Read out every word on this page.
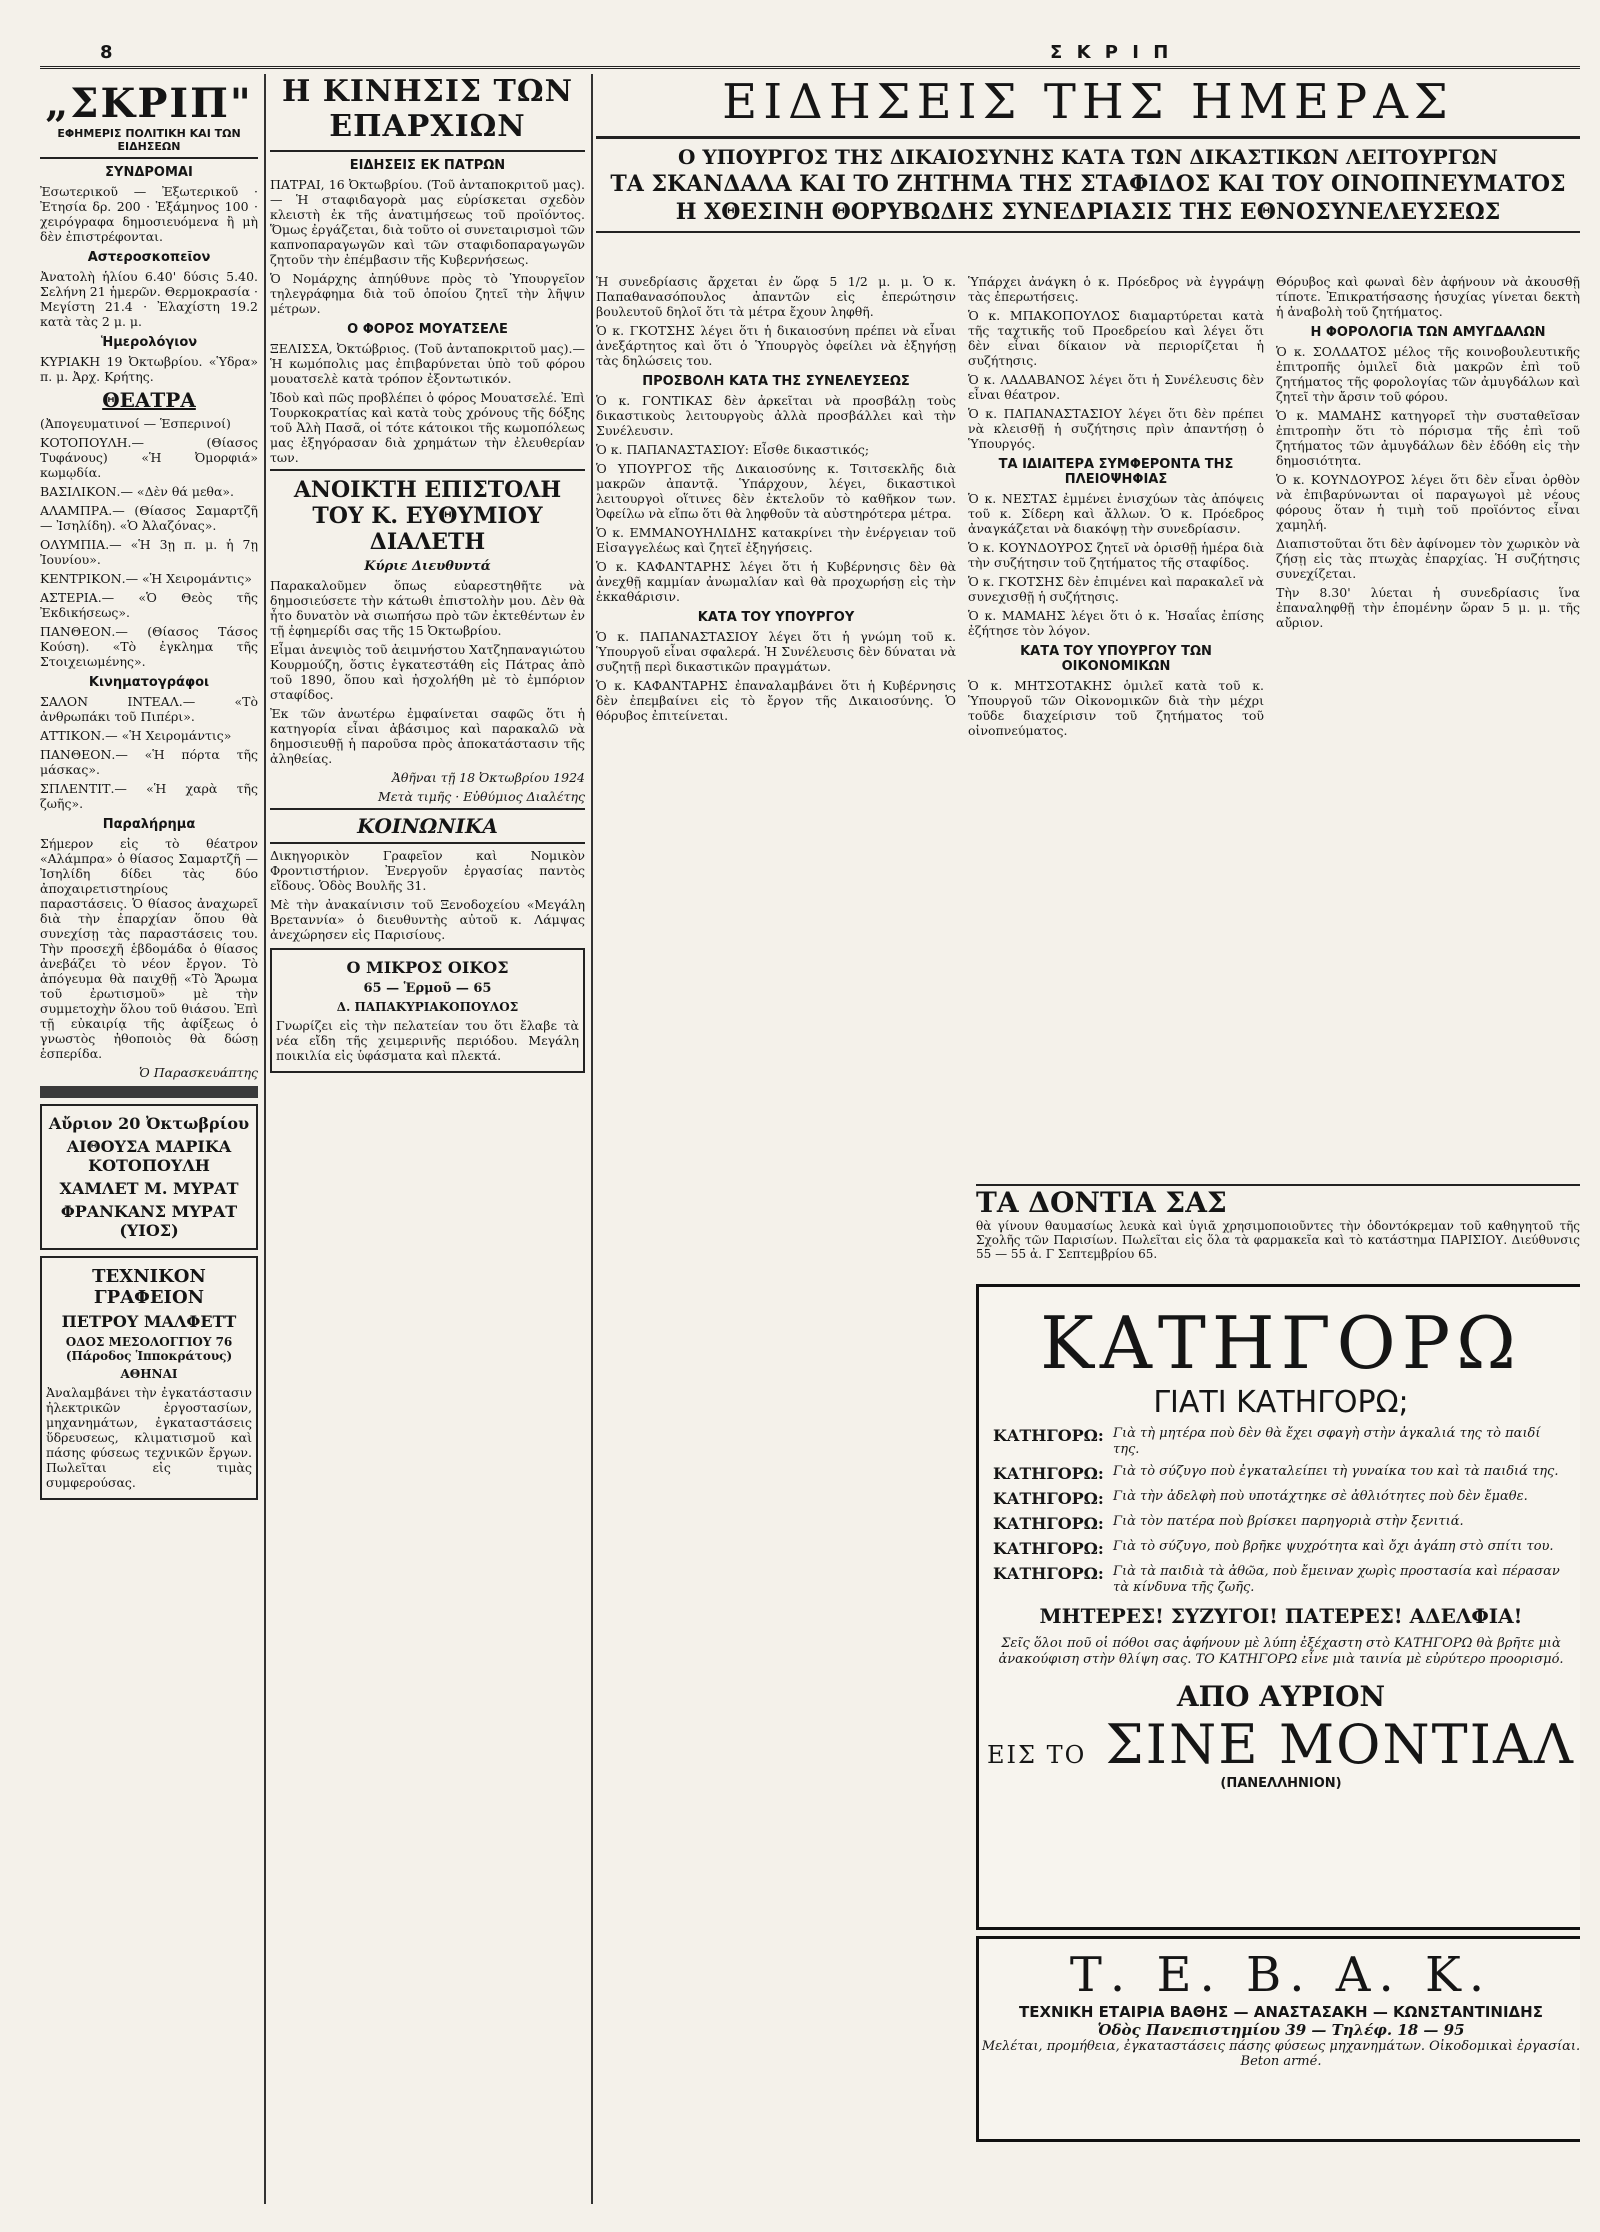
8	Σ Κ Ρ Ι Π
„ΣΚΡΙΠ"
ΕΦΗΜΕΡΙΣ ΠΟΛΙΤΙΚΗ ΚΑΙ ΤΩΝ ΕΙΔΗΣΕΩΝ
ΣΥΝΔΡΟΜΑΙ

Ἐσωτερικοῦ — Ἐξωτερικοῦ · Ἐτησία δρ. 200 · Ἑξάμηνος 100 · χειρόγραφα δημοσιευόμενα ἢ μὴ δὲν ἐπιστρέφονται.

Αστεροσκοπεῖον

Ἀνατολὴ ἡλίου 6.40' δύσις 5.40. Σελήνη 21 ἡμερῶν. Θερμοκρασία · Μεγίστη 21.4 · Ἐλαχίστη 19.2 κατὰ τὰς 2 μ. μ.

Ἡμερολόγιον

ΚΥΡΙΑΚΗ 19 Ὀκτωβρίου. «Ὑδρα» π. μ. Ἀρχ. Κρήτης.

ΘΕΑΤΡΑ

(Ἀπογευματινοί — Ἑσπερινοί)

ΚΟΤΟΠΟΥΛΗ.— (Θίασος Τυφάνους) «Ἡ Ὀμορφιά» κωμῳδία.

ΒΑΣΙΛΙΚΟΝ.— «Δὲν θά μεθα».

ΑΛΑΜΠΡΑ.— (Θίασος Σαμαρτζῆ — Ἰσηλίδη). «Ὁ Ἀλαζόνας».

ΟΛΥΜΠΙΑ.— «Ἡ 3ῃ π. μ. ἡ 7ῃ Ἰουνίου».

ΚΕΝΤΡΙΚΟΝ.— «Ἡ Χειρομάντις»

ΑΣΤΕΡΙΑ.— «Ὁ Θεὸς τῆς Ἐκδικήσεως».

ΠΑΝΘΕΟΝ.— (Θίασος Τάσος Κούση). «Τὸ ἐγκλημα τῆς Στοιχειωμένης».

Κινηματογράφοι

ΣΑΛΟΝ ΙΝΤΕΑΛ.— «Τὸ ἀνθρωπάκι τοῦ Πιπέρι».

ΑΤΤΙΚΟΝ.— «Ἡ Χειρομάντις»

ΠΑΝΘΕΟΝ.— «Ἡ πόρτα τῆς μάσκας».

ΣΠΛΕΝΤΙΤ.— «Ἡ χαρὰ τῆς ζωῆς».

Παραλήρημα

Σήμερον εἰς τὸ θέατρον «Αλάμπρα» ὁ θίασος Σαμαρτζῆ — Ἰσηλίδη δίδει τὰς δύο ἀποχαιρετιστηρίους παραστάσεις. Ὁ θίασος ἀναχωρεῖ διὰ τὴν ἐπαρχίαν ὅπου θὰ συνεχίσῃ τὰς παραστάσεις του. Τὴν προσεχῆ ἑβδομάδα ὁ θίασος ἀνεβάζει τὸ νέον ἔργον. Τὸ ἀπόγευμα θὰ παιχθῇ «Τὸ Ἄρωμα τοῦ ἐρωτισμοῦ» μὲ τὴν συμμετοχὴν ὅλου τοῦ θιάσου. Ἐπὶ τῇ εὐκαιρίᾳ τῆς ἀφίξεως ὁ γνωστὸς ἠθοποιὸς θὰ δώσῃ ἑσπερίδα.

Ὁ Παρασκευάπτης

Αὔριον 20 Ὀκτωβρίου
ΑΙΘΟΥΣΑ ΜΑΡΙΚΑ ΚΟΤΟΠΟΥΛΗ
ΧΑΜΛΕΤ Μ. ΜΥΡΑΤ
ΦΡΑΝΚΑΝΣ ΜΥΡΑΤ (ΥΙΟΣ)
ΤΕΧΝΙΚΟΝ ΓΡΑΦΕΙΟΝ
ΠΕΤΡΟΥ ΜΑΛΦΕΤΤ
ΟΔΟΣ ΜΕΣΟΛΟΓΓΙΟΥ 76 (Πάροδος Ἱπποκράτους)
ΑΘΗΝΑΙ

Ἀναλαμβάνει τὴν ἐγκατάστασιν ἠλεκτρικῶν ἐργοστασίων, μηχανημάτων, ἐγκαταστάσεις ὕδρευσεως, κλιματισμοῦ καὶ πάσης φύσεως τεχνικῶν ἔργων. Πωλεῖται εἰς τιμὰς συμφερούσας.

Η ΚΙΝΗΣΙΣ ΤΩΝ ΕΠΑΡΧΙΩΝ
ΕΙΔΗΣΕΙΣ ΕΚ ΠΑΤΡΩΝ

ΠΑΤΡΑΙ, 16 Ὀκτωβρίου. (Τοῦ ἀνταποκριτοῦ μας).— Ἡ σταφιδαγορὰ μας εὑρίσκεται σχεδὸν κλειστὴ ἐκ τῆς ἀνατιμήσεως τοῦ προϊόντος. Ὅμως ἐργάζεται, διὰ τοῦτο οἱ συνεταιρισμοὶ τῶν καπνοπαραγωγῶν καὶ τῶν σταφιδοπαραγωγῶν ζητοῦν τὴν ἐπέμβασιν τῆς Κυβερνήσεως.

Ὁ Νομάρχης ἀπηύθυνε πρὸς τὸ Ὑπουργεῖον τηλεγράφημα διὰ τοῦ ὁποίου ζητεῖ τὴν λῆψιν μέτρων.

Ο ΦΟΡΟΣ ΜΟΥΑΤΣΕΛΕ

ΞΕΛΙΣΣΑ, Ὀκτώβριος. (Τοῦ ἀνταποκριτοῦ μας).— Ἡ κωμόπολις μας ἐπιβαρύνεται ὑπὸ τοῦ φόρου μουατσελὲ κατὰ τρόπον ἐξοντωτικόν.

Ἰδοὺ καὶ πῶς προβλέπει ὁ φόρος Μουατσελέ. Ἐπὶ Τουρκοκρατίας καὶ κατὰ τοὺς χρόνους τῆς δόξης τοῦ Ἀλὴ Πασᾶ, οἱ τότε κάτοικοι τῆς κωμοπόλεως μας ἐξηγόρασαν διὰ χρημάτων τὴν ἐλευθερίαν των.

ΑΝΟΙΚΤΗ ΕΠΙΣΤΟΛΗ ΤΟΥ Κ. ΕΥΘΥΜΙΟΥ ΔΙΑΛΕΤΗ
Κύριε Διευθυντά

Παρακαλοῦμεν ὅπως εὐαρεστηθῆτε νὰ δημοσιεύσετε τὴν κάτωθι ἐπιστολὴν μου. Δὲν θὰ ἦτο δυνατὸν νὰ σιωπήσω πρὸ τῶν ἐκτεθέντων ἐν τῇ ἐφημερίδι σας τῆς 15 Ὀκτωβρίου.

Εἶμαι ἀνεψιὸς τοῦ ἀειμνήστου Χατζηπαναγιώτου Κουρμούζη, ὅστις ἐγκατεστάθη εἰς Πάτρας ἀπὸ τοῦ 1890, ὅπου καὶ ἠσχολήθη μὲ τὸ ἐμπόριον σταφίδος.

Ἐκ τῶν ἀνωτέρω ἐμφαίνεται σαφῶς ὅτι ἡ κατηγορία εἶναι ἀβάσιμος καὶ παρακαλῶ νὰ δημοσιευθῇ ἡ παροῦσα πρὸς ἀποκατάστασιν τῆς ἀληθείας.

Ἀθῆναι τῇ 18 Ὀκτωβρίου 1924

Μετὰ τιμῆς · Εὐθύμιος Διαλέτης

ΚΟΙΝΩΝΙΚΑ

Δικηγορικὸν Γραφεῖον καὶ Νομικὸν Φροντιστήριον. Ἐνεργοῦν ἐργασίας παντὸς εἴδους. Ὁδὸς Βουλῆς 31.

Μὲ τὴν ἀνακαίνισιν τοῦ Ξενοδοχείου «Μεγάλη Βρεταννία» ὁ διευθυντὴς αὐτοῦ κ. Λάμψας ἀνεχώρησεν εἰς Παρισίους.

Ο ΜΙΚΡΟΣ ΟΙΚΟΣ
65 — Ἑρμοῦ — 65
Δ. ΠΑΠΑΚΥΡΙΑΚΟΠΟΥΛΟΣ

Γνωρίζει εἰς τὴν πελατείαν του ὅτι ἔλαβε τὰ νέα εἴδη τῆς χειμερινῆς περιόδου. Μεγάλη ποικιλία εἰς ὑφάσματα καὶ πλεκτά.

ΕΙΔΗΣΕΙΣ ΤΗΣ ΗΜΕΡΑΣ
Ο ΥΠΟΥΡΓΟΣ ΤΗΣ ΔΙΚΑΙΟΣΥΝΗΣ ΚΑΤΑ ΤΩΝ ΔΙΚΑΣΤΙΚΩΝ ΛΕΙΤΟΥΡΓΩΝ
ΤΑ ΣΚΑΝΔΑΛΑ ΚΑΙ ΤΟ ΖΗΤΗΜΑ ΤΗΣ ΣΤΑΦΙΔΟΣ ΚΑΙ ΤΟΥ ΟΙΝΟΠΝΕΥΜΑΤΟΣ
Η ΧΘΕΣΙΝΗ ΘΟΡΥΒΩΔΗΣ ΣΥΝΕΔΡΙΑΣΙΣ ΤΗΣ ΕΘΝΟΣΥΝΕΛΕΥΣΕΩΣ

Ἡ συνεδρίασις ἄρχεται ἐν ὥρᾳ 5 1/2 μ. μ. Ὁ κ. Παπαθανασόπουλος ἀπαντῶν εἰς ἐπερώτησιν βουλευτοῦ δηλοῖ ὅτι τὰ μέτρα ἔχουν ληφθῆ.

Ὁ κ. ΓΚΟΤΣΗΣ λέγει ὅτι ἡ δικαιοσύνη πρέπει νὰ εἶναι ἀνεξάρτητος καὶ ὅτι ὁ Ὑπουργὸς ὀφείλει νὰ ἐξηγήσῃ τὰς δηλώσεις του.

ΠΡΟΣΒΟΛΗ ΚΑΤΑ ΤΗΣ ΣΥΝΕΛΕΥΣΕΩΣ

Ὁ κ. ΓΟΝΤΙΚΑΣ δὲν ἀρκεῖται νὰ προσβάλῃ τοὺς δικαστικοὺς λειτουργοὺς ἀλλὰ προσβάλλει καὶ τὴν Συνέλευσιν.

Ὁ κ. ΠΑΠΑΝΑΣΤΑΣΙΟΥ: Εἶσθε δικαστικός;

Ὁ ΥΠΟΥΡΓΟΣ τῆς Δικαιοσύνης κ. Τσιτσεκλῆς διὰ μακρῶν ἀπαντᾷ. Ὑπάρχουν, λέγει, δικαστικοὶ λειτουργοὶ οἵτινες δὲν ἐκτελοῦν τὸ καθῆκον των. Ὀφείλω νὰ εἴπω ὅτι θὰ ληφθοῦν τὰ αὐστηρότερα μέτρα.

Ὁ κ. ΕΜΜΑΝΟΥΗΛΙΔΗΣ κατακρίνει τὴν ἐνέργειαν τοῦ Εἰσαγγελέως καὶ ζητεῖ ἐξηγήσεις.

Ὁ κ. ΚΑΦΑΝΤΑΡΗΣ λέγει ὅτι ἡ Κυβέρνησις δὲν θὰ ἀνεχθῇ καμμίαν ἀνωμαλίαν καὶ θὰ προχωρήσῃ εἰς τὴν ἐκκαθάρισιν.

ΚΑΤΑ ΤΟΥ ΥΠΟΥΡΓΟΥ

Ὁ κ. ΠΑΠΑΝΑΣΤΑΣΙΟΥ λέγει ὅτι ἡ γνώμη τοῦ κ. Ὑπουργοῦ εἶναι σφαλερά. Ἡ Συνέλευσις δὲν δύναται νὰ συζητῇ περὶ δικαστικῶν πραγμάτων.

Ὁ κ. ΚΑΦΑΝΤΑΡΗΣ ἐπαναλαμβάνει ὅτι ἡ Κυβέρνησις δὲν ἐπεμβαίνει εἰς τὸ ἔργον τῆς Δικαιοσύνης. Ὁ θόρυβος ἐπιτείνεται.

Ὑπάρχει ἀνάγκη ὁ κ. Πρόεδρος νὰ ἐγγράψῃ τὰς ἐπερωτήσεις.

Ὁ κ. ΜΠΑΚΟΠΟΥΛΟΣ διαμαρτύρεται κατὰ τῆς ταχτικῆς τοῦ Προεδρείου καὶ λέγει ὅτι δὲν εἶναι δίκαιον νὰ περιορίζεται ἡ συζήτησις.

Ὁ κ. ΛΑΔΑΒΑΝΟΣ λέγει ὅτι ἡ Συνέλευσις δὲν εἶναι θέατρον.

Ὁ κ. ΠΑΠΑΝΑΣΤΑΣΙΟΥ λέγει ὅτι δὲν πρέπει νὰ κλεισθῇ ἡ συζήτησις πρὶν ἀπαντήσῃ ὁ Ὑπουργός.

ΤΑ ΙΔΙΑΙΤΕΡΑ ΣΥΜΦΕΡΟΝΤΑ ΤΗΣ ΠΛΕΙΟΨΗΦΙΑΣ

Ὁ κ. ΝΕΣΤΑΣ ἐμμένει ἐνισχύων τὰς ἀπόψεις τοῦ κ. Σίδερη καὶ ἄλλων. Ὁ κ. Πρόεδρος ἀναγκάζεται νὰ διακόψῃ τὴν συνεδρίασιν.

Ὁ κ. ΚΟΥΝΔΟΥΡΟΣ ζητεῖ νὰ ὁρισθῇ ἡμέρα διὰ τὴν συζήτησιν τοῦ ζητήματος τῆς σταφίδος.

Ὁ κ. ΓΚΟΤΣΗΣ δὲν ἐπιμένει καὶ παρακαλεῖ νὰ συνεχισθῇ ἡ συζήτησις.

Ὁ κ. ΜΑΜΑΗΣ λέγει ὅτι ὁ κ. Ἡσαΐας ἐπίσης ἐζήτησε τὸν λόγον.

ΚΑΤΑ ΤΟΥ ΥΠΟΥΡΓΟΥ ΤΩΝ ΟΙΚΟΝΟΜΙΚΩΝ

Ὁ κ. ΜΗΤΣΟΤΑΚΗΣ ὁμιλεῖ κατὰ τοῦ κ. Ὑπουργοῦ τῶν Οἰκονομικῶν διὰ τὴν μέχρι τοῦδε διαχείρισιν τοῦ ζητήματος τοῦ οἰνοπνεύματος.

Θόρυβος καὶ φωναὶ δὲν ἀφήνουν νὰ ἀκουσθῇ τίποτε. Ἐπικρατήσασης ἡσυχίας γίνεται δεκτὴ ἡ ἀναβολὴ τοῦ ζητήματος.

Η ΦΟΡΟΛΟΓΙΑ ΤΩΝ ΑΜΥΓΔΑΛΩΝ

Ὁ κ. ΣΟΛΔΑΤΟΣ μέλος τῆς κοινοβουλευτικῆς ἐπιτροπῆς ὁμιλεῖ διὰ μακρῶν ἐπὶ τοῦ ζητήματος τῆς φορολογίας τῶν ἀμυγδάλων καὶ ζητεῖ τὴν ἄρσιν τοῦ φόρου.

Ὁ κ. ΜΑΜΑΗΣ κατηγορεῖ τὴν συσταθεῖσαν ἐπιτροπὴν ὅτι τὸ πόρισμα τῆς ἐπὶ τοῦ ζητήματος τῶν ἀμυγδάλων δὲν ἐδόθη εἰς τὴν δημοσιότητα.

Ὁ κ. ΚΟΥΝΔΟΥΡΟΣ λέγει ὅτι δὲν εἶναι ὀρθὸν νὰ ἐπιβαρύνωνται οἱ παραγωγοὶ μὲ νέους φόρους ὅταν ἡ τιμὴ τοῦ προϊόντος εἶναι χαμηλή.

Διαπιστοῦται ὅτι δὲν ἀφίνομεν τὸν χωρικὸν νὰ ζήσῃ εἰς τὰς πτωχὰς ἐπαρχίας. Ἡ συζήτησις συνεχίζεται.

Τὴν 8.30' λύεται ἡ συνεδρίασις ἵνα ἐπαναληφθῇ τὴν ἑπομένην ὥραν 5 μ. μ. τῆς αὔριον.

ΤΑ ΔΟΝΤΙΑ ΣΑΣ

θὰ γίνουν θαυμασίως λευκὰ καὶ ὑγιᾶ χρησιμοποιοῦντες τὴν ὁδοντόκρεμαν τοῦ καθηγητοῦ τῆς Σχολῆς τῶν Παρισίων. Πωλεῖται εἰς ὅλα τὰ φαρμακεῖα καὶ τὸ κατάστημα ΠΑΡΙΣΙΟΥ. Διεύθυνσις 55 — 55 ἀ. Γ Σεπτεμβρίου 65.

ΚΑΤΗΓΟΡΩ
ΓΙΑΤΙ ΚΑΤΗΓΟΡΩ;
ΚΑΤΗΓΟΡΩ: Γιὰ τὴ μητέρα ποὺ δὲν θὰ ἔχει σφαγὴ στὴν ἀγκαλιά της τὸ παιδί της.
ΚΑΤΗΓΟΡΩ: Γιὰ τὸ σύζυγο ποὺ ἐγκαταλείπει τὴ γυναίκα του καὶ τὰ παιδιά της.
ΚΑΤΗΓΟΡΩ: Γιὰ τὴν ἀδελφὴ ποὺ υποτάχτηκε σὲ ἀθλιότητες ποὺ δὲν ἔμαθε.
ΚΑΤΗΓΟΡΩ: Γιὰ τὸν πατέρα ποὺ βρίσκει παρηγοριὰ στὴν ξενιτιά.
ΚΑΤΗΓΟΡΩ: Γιὰ τὸ σύζυγο, ποὺ βρῆκε ψυχρότητα καὶ ὄχι ἀγάπη στὸ σπίτι του.
ΚΑΤΗΓΟΡΩ: Γιὰ τὰ παιδιὰ τὰ ἀθῶα, ποὺ ἔμειναν χωρὶς προστασία καὶ πέρασαν τὰ κίνδυνα τῆς ζωῆς.
ΜΗΤΕΡΕΣ! ΣΥΖΥΓΟΙ! ΠΑΤΕΡΕΣ! ΑΔΕΛΦΙΑ!
Σεῖς ὅλοι ποῦ οἱ πόθοι σας ἀφήνουν μὲ λύπη ἐξέχαστη στὸ ΚΑΤΗΓΟΡΩ θὰ βρῆτε μιὰ ἀνακούφιση στὴν θλίψη σας. ΤΟ ΚΑΤΗΓΟΡΩ εἶνε μιὰ ταινία μὲ εὐρύτερο προορισμό.
ΑΠΟ ΑΥΡΙΟΝ
ΕΙΣ ΤΟ ΣΙΝΕ ΜΟΝΤΙΑΛ
(ΠΑΝΕΛΛΗΝΙΟΝ)
Τ. Ε. Β. Α. Κ.
ΤΕΧΝΙΚΗ ΕΤΑΙΡΙΑ ΒΑΘΗΣ — ΑΝΑΣΤΑΣΑΚΗ — ΚΩΝΣΤΑΝΤΙΝΙΔΗΣ
Ὁδὸς Πανεπιστημίου 39 — Τηλέφ. 18 — 95
Μελέται, προμήθεια, ἐγκαταστάσεις πάσης φύσεως μηχανημάτων. Οἰκοδομικαὶ ἐργασίαι. Beton armé.
